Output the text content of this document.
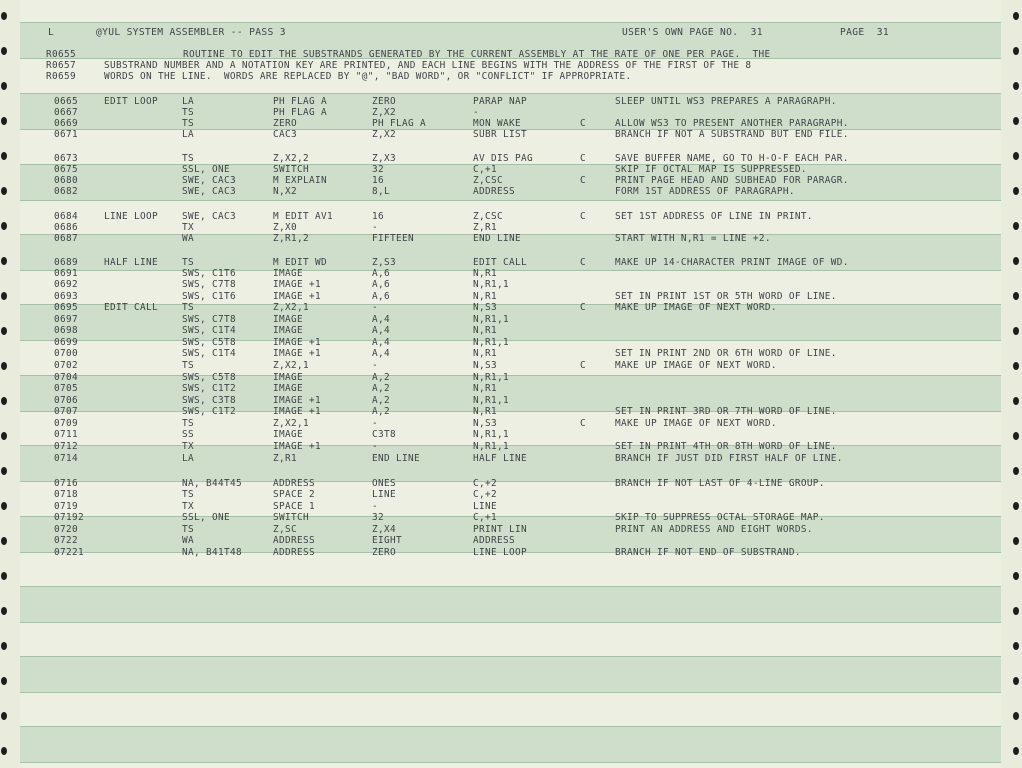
L	@YUL SYSTEM ASSEMBLER -- PASS 3	USER'S OWN PAGE NO.  31	PAGE  31
R0655	ROUTINE TO EDIT THE SUBSTRANDS GENERATED BY THE CURRENT ASSEMBLY AT THE RATE OF ONE PER PAGE.  THE
R0657	SUBSTRAND NUMBER AND A NOTATION KEY ARE PRINTED, AND EACH LINE BEGINS WITH THE ADDRESS OF THE FIRST OF THE 8
R0659	WORDS ON THE LINE.  WORDS ARE REPLACED BY "@", "BAD WORD", OR "CONFLICT" IF APPROPRIATE.
0665	EDIT LOOP	LA	PH FLAG A	ZERO	PARAP NAP	SLEEP UNTIL WS3 PREPARES A PARAGRAPH.
0667	TS	PH FLAG A	Z,X2	-
0669	TS	ZERO	PH FLAG A	MON WAKE	C	ALLOW WS3 TO PRESENT ANOTHER PARAGRAPH.
0671	LA	CAC3	Z,X2	SUBR LIST	BRANCH IF NOT A SUBSTRAND BUT END FILE.
0673	TS	Z,X2,2	Z,X3	AV DIS PAG	C	SAVE BUFFER NAME, GO TO H-O-F EACH PAR.
0675	SSL, ONE	SWITCH	32	C,+1	SKIP IF OCTAL MAP IS SUPPRESSED.
0680	SWE, CAC3	M EXPLAIN	16	Z,CSC	C	PRINT PAGE HEAD AND SUBHEAD FOR PARAGR.
0682	SWE, CAC3	N,X2	8,L	ADDRESS	FORM 1ST ADDRESS OF PARAGRAPH.
0684	LINE LOOP	SWE, CAC3	M EDIT AV1	16	Z,CSC	C	SET 1ST ADDRESS OF LINE IN PRINT.
0686	TX	Z,X0	-	Z,R1
0687	WA	Z,R1,2	FIFTEEN	END LINE	START WITH N,R1 = LINE +2.
0689	HALF LINE	TS	M EDIT WD	Z,S3	EDIT CALL	C	MAKE UP 14-CHARACTER PRINT IMAGE OF WD.
0691	SWS, C1T6	IMAGE	A,6	N,R1
0692	SWS, C7T8	IMAGE +1	A,6	N,R1,1
0693	SWS, C1T6	IMAGE +1	A,6	N,R1	SET IN PRINT 1ST OR 5TH WORD OF LINE.
0695	EDIT CALL	TS	Z,X2,1	-	N,S3	C	MAKE UP IMAGE OF NEXT WORD.
0697	SWS, C7T8	IMAGE	A,4	N,R1,1
0698	SWS, C1T4	IMAGE	A,4	N,R1
0699	SWS, C5T8	IMAGE +1	A,4	N,R1,1
0700	SWS, C1T4	IMAGE +1	A,4	N,R1	SET IN PRINT 2ND OR 6TH WORD OF LINE.
0702	TS	Z,X2,1	-	N,S3	C	MAKE UP IMAGE OF NEXT WORD.
0704	SWS, C5T8	IMAGE	A,2	N,R1,1
0705	SWS, C1T2	IMAGE	A,2	N,R1
0706	SWS, C3T8	IMAGE +1	A,2	N,R1,1
0707	SWS, C1T2	IMAGE +1	A,2	N,R1	SET IN PRINT 3RD OR 7TH WORD OF LINE.
0709	TS	Z,X2,1	-	N,S3	C	MAKE UP IMAGE OF NEXT WORD.
0711	SS	IMAGE	C3T8	N,R1,1
0712	TX	IMAGE +1	-	N,R1,1	SET IN PRINT 4TH OR 8TH WORD OF LINE.
0714	LA	Z,R1	END LINE	HALF LINE	BRANCH IF JUST DID FIRST HALF OF LINE.
0716	NA, B44T45	ADDRESS	ONES	C,+2	BRANCH IF NOT LAST OF 4-LINE GROUP.
0718	TS	SPACE 2	LINE	C,+2
0719	TX	SPACE 1	-	LINE
07192	SSL, ONE	SWITCH	32	C,+1	SKIP TO SUPPRESS OCTAL STORAGE MAP.
0720	TS	Z,SC	Z,X4	PRINT LIN	PRINT AN ADDRESS AND EIGHT WORDS.
0722	WA	ADDRESS	EIGHT	ADDRESS
07221	NA, B41T48	ADDRESS	ZERO	LINE LOOP	BRANCH IF NOT END OF SUBSTRAND.
